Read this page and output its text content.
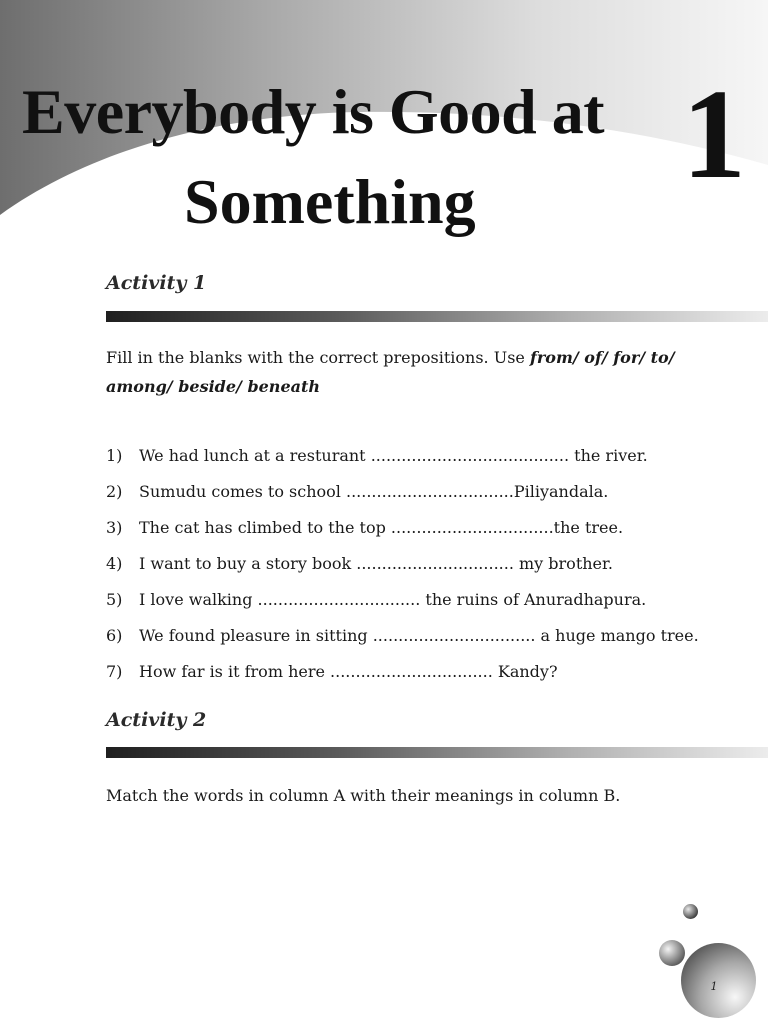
Everybody is Good at
Something 1
Activity 1

Fill in the blanks with the correct prepositions. Use from/ of/ for/ to/ among/ beside/ beneath

1)	We had lunch at a resturant ....................................... the river.
2)	Sumudu comes to school .................................Piliyandala.
3)	The cat has climbed to the top ................................the tree.
4)	I want to buy a story book ............................... my brother.
5)	I love walking ................................ the ruins of Anuradhapura.
6)	We found pleasure in sitting ................................ a huge mango tree.
7)	How far is it from here ................................ Kandy?
Activity 2

Match the words in column A with their meanings in column B.

1
